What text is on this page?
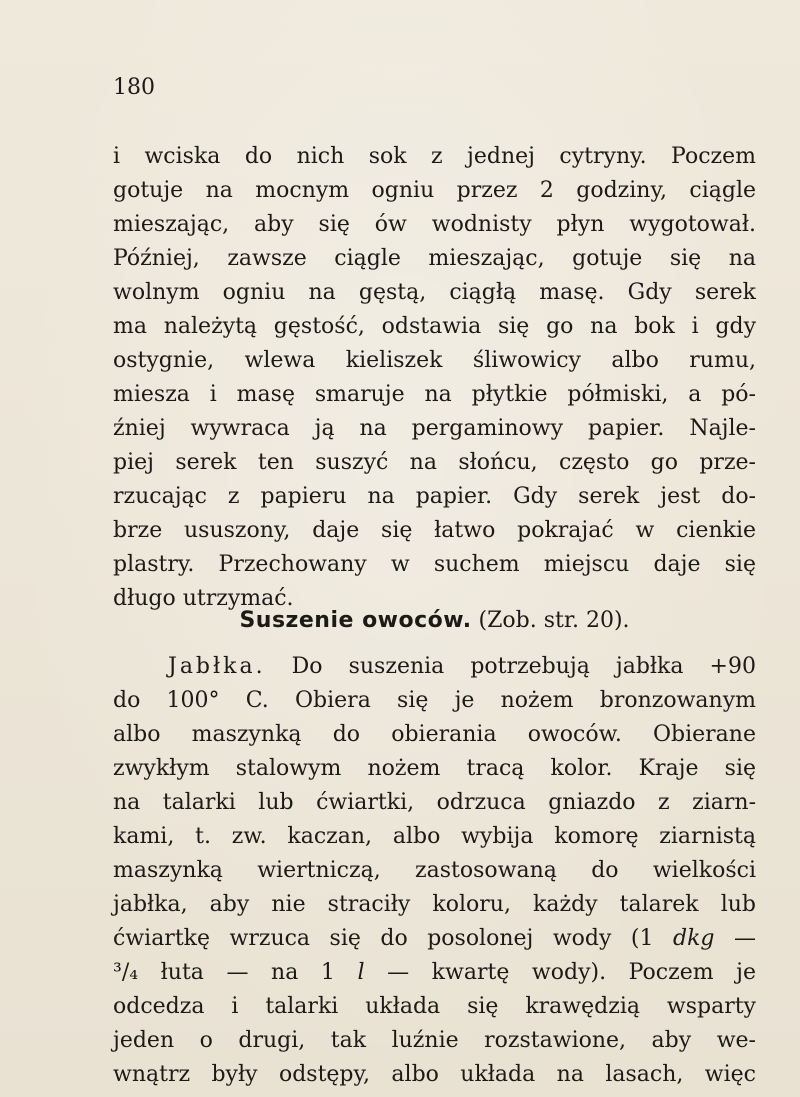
180

i wciska do nich sok z jednej cytryny. Poczem
gotuje na mocnym ogniu przez 2 godziny, ciągle
mieszając, aby się ów wodnisty płyn wygotował.
Później, zawsze ciągle mieszając, gotuje się na
wolnym ogniu na gęstą, ciągłą masę. Gdy serek
ma należytą gęstość, odstawia się go na bok i gdy
ostygnie, wlewa kieliszek śliwowicy albo rumu,
miesza i masę smaruje na płytkie półmiski, a pó-
źniej wywraca ją na pergaminowy papier. Najle-
piej serek ten suszyć na słońcu, często go prze-
rzucając z papieru na papier. Gdy serek jest do-
brze ususzony, daje się łatwo pokrajać w cienkie
plastry. Przechowany w suchem miejscu daje się
długo utrzymać.

Suszenie owoców. (Zob. str. 20).

Jabłka. Do suszenia potrzebują jabłka +90
do 100° C. Obiera się je nożem bronzowanym
albo maszynką do obierania owoców. Obierane
zwykłym stalowym nożem tracą kolor. Kraje się
na talarki lub ćwiartki, odrzuca gniazdo z ziarn-
kami, t. zw. kaczan, albo wybija komorę ziarnistą
maszynką wiertniczą, zastosowaną do wielkości
jabłka, aby nie straciły koloru, każdy talarek lub
ćwiartkę wrzuca się do posolonej wody (1 dkg —
³/₄ łuta — na 1 l — kwartę wody). Poczem je
odcedza i talarki układa się krawędzią wsparty
jeden o drugi, tak luźnie rozstawione, aby we-
wnątrz były odstępy, albo układa na lasach, więc
